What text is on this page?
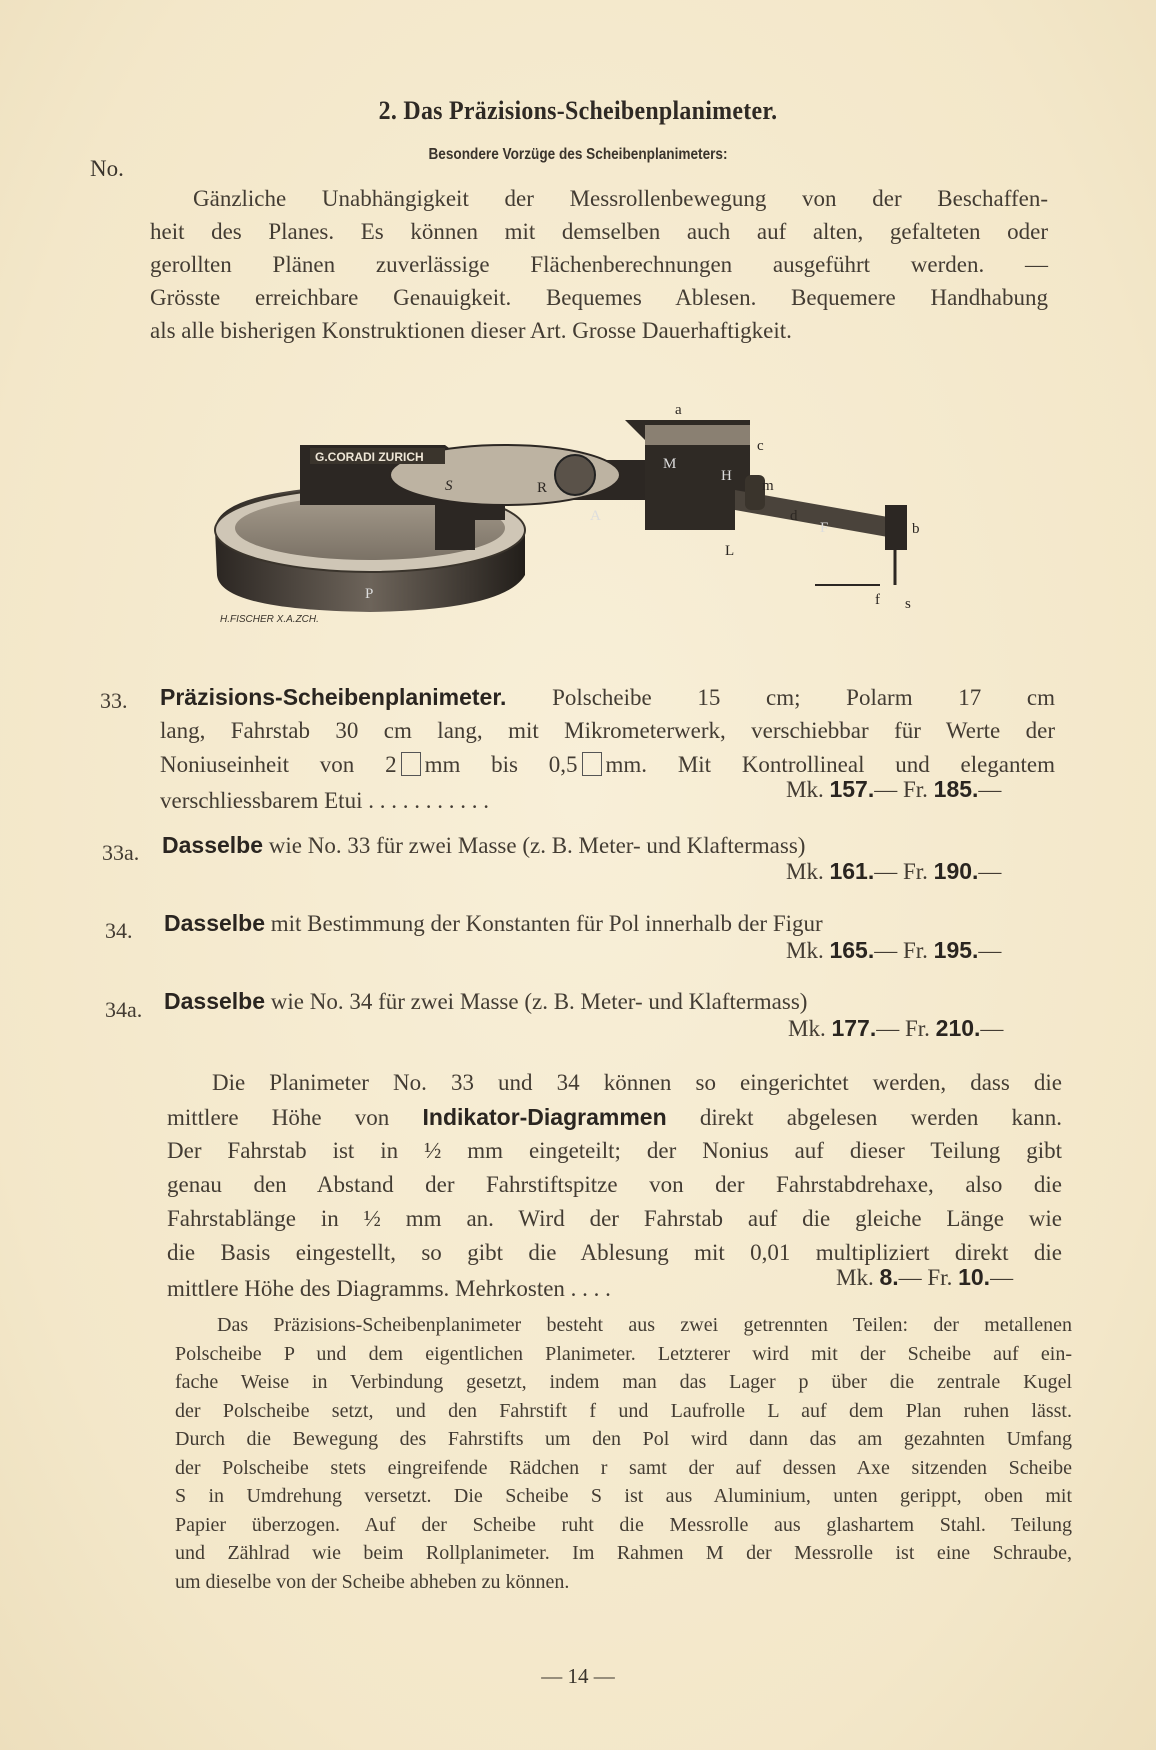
2. Das Präzisions-Scheibenplanimeter.
Besondere Vorzüge des Scheibenplanimeters:
No.
Gänzliche Unabhängigkeit der Messrollenbewegung von der Beschaffen-
heit des Planes. Es können mit demselben auch auf alten, gefalteten oder
gerollten Plänen zuverlässige Flächenberechnungen ausgeführt werden. —
Grösste erreichbare Genauigkeit. Bequemes Ablesen. Bequemere Handhabung
als alle bisherigen Konstruktionen dieser Art. Grosse Dauerhaftigkeit.
G.CORADI ZURICH
H.FISCHER X.A.ZCH.
a
c
m
d
b
L
F
f s
P
S	R
A
M
H
33. Präzisions-Scheibenplanimeter. Polscheibe 15 cm; Polarm 17 cm
lang, Fahrstab 30 cm lang, mit Mikrometerwerk, verschiebbar für Werte der
Noniuseinheit von 2 mm bis 0,5 mm. Mit Kontrollineal und elegantem
verschliessbarem Etui . . . . . . . . . . .	Mk. 157.— Fr. 185.—
33a. Dasselbe wie No. 33 für zwei Masse (z. B. Meter- und Klaftermass)
Mk. 161.— Fr. 190.—
34. Dasselbe mit Bestimmung der Konstanten für Pol innerhalb der Figur
Mk. 165.— Fr. 195.—
34a. Dasselbe wie No. 34 für zwei Masse (z. B. Meter- und Klaftermass)
Mk. 177.— Fr. 210.—
Die Planimeter No. 33 und 34 können so eingerichtet werden, dass die
mittlere Höhe von Indikator-Diagrammen direkt abgelesen werden kann.
Der Fahrstab ist in ½ mm eingeteilt; der Nonius auf dieser Teilung gibt
genau den Abstand der Fahrstiftspitze von der Fahrstabdrehaxe, also die
Fahrstablänge in ½ mm an. Wird der Fahrstab auf die gleiche Länge wie
die Basis eingestellt, so gibt die Ablesung mit 0,01 multipliziert direkt die
mittlere Höhe des Diagramms. Mehrkosten . . . .	Mk. 8.— Fr. 10.—
Das Präzisions-Scheibenplanimeter besteht aus zwei getrennten Teilen: der metallenen
Polscheibe P und dem eigentlichen Planimeter. Letzterer wird mit der Scheibe auf ein-
fache Weise in Verbindung gesetzt, indem man das Lager p über die zentrale Kugel
der Polscheibe setzt, und den Fahrstift f und Laufrolle L auf dem Plan ruhen lässt.
Durch die Bewegung des Fahrstifts um den Pol wird dann das am gezahnten Umfang
der Polscheibe stets eingreifende Rädchen r samt der auf dessen Axe sitzenden Scheibe
S in Umdrehung versetzt. Die Scheibe S ist aus Aluminium, unten gerippt, oben mit
Papier überzogen. Auf der Scheibe ruht die Messrolle aus glashartem Stahl. Teilung
und Zählrad wie beim Rollplanimeter. Im Rahmen M der Messrolle ist eine Schraube,
um dieselbe von der Scheibe abheben zu können.
— 14 —
